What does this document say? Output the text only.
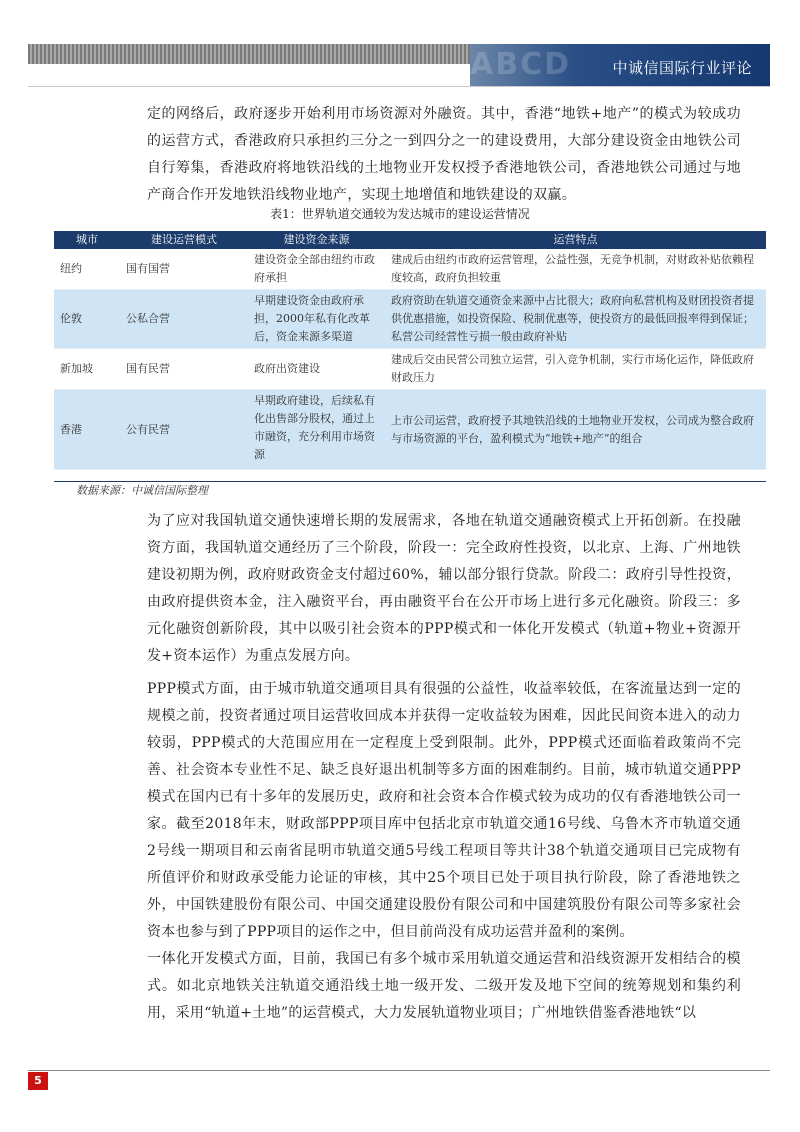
ABCD	中诚信国际行业评论

定的网络后，政府逐步开始利用市场资源对外融资。其中，香港“地铁+地产”的模式为较成功的运营方式，香港政府只承担约三分之一到四分之一的建设费用，大部分建设资金由地铁公司自行筹集，香港政府将地铁沿线的土地物业开发权授予香港地铁公司，香港地铁公司通过与地产商合作开发地铁沿线物业地产，实现土地增值和地铁建设的双赢。

表1：世界轨道交通较为发达城市的建设运营情况
城市	建设运营模式	建设资金来源	运营特点
纽约	国有国营	建设资金全部由纽约市政府承担	建成后由纽约市政府运营管理，公益性强，无竞争机制，对财政补贴依赖程度较高，政府负担较重
伦敦	公私合营	早期建设资金由政府承担，2000年私有化改革后，资金来源多渠道	政府资助在轨道交通资金来源中占比很大；政府向私营机构及财团投资者提供优惠措施，如投资保险、税制优惠等，使投资方的最低回报率得到保证；私营公司经营性亏损一般由政府补贴
新加坡	国有民营	政府出资建设	建成后交由民营公司独立运营，引入竞争机制，实行市场化运作，降低政府财政压力
香港	公有民营	早期政府建设，后续私有化出售部分股权，通过上市融资，充分利用市场资源	上市公司运营，政府授予其地铁沿线的土地物业开发权，公司成为整合政府与市场资源的平台，盈利模式为“地铁+地产”的组合
数据来源：中诚信国际整理

为了应对我国轨道交通快速增长期的发展需求，各地在轨道交通融资模式上开拓创新。在投融资方面，我国轨道交通经历了三个阶段，阶段一：完全政府性投资，以北京、上海、广州地铁建设初期为例，政府财政资金支付超过60%，辅以部分银行贷款。阶段二：政府引导性投资，由政府提供资本金，注入融资平台，再由融资平台在公开市场上进行多元化融资。阶段三：多元化融资创新阶段，其中以吸引社会资本的PPP模式和一体化开发模式（轨道+物业+资源开发+资本运作）为重点发展方向。

PPP模式方面，由于城市轨道交通项目具有很强的公益性，收益率较低，在客流量达到一定的规模之前，投资者通过项目运营收回成本并获得一定收益较为困难，因此民间资本进入的动力较弱，PPP模式的大范围应用在一定程度上受到限制。此外，PPP模式还面临着政策尚不完善、社会资本专业性不足、缺乏良好退出机制等多方面的困难制约。目前，城市轨道交通PPP模式在国内已有十多年的发展历史，政府和社会资本合作模式较为成功的仅有香港地铁公司一家。截至2018年末，财政部PPP项目库中包括北京市轨道交通16号线、乌鲁木齐市轨道交通2号线一期项目和云南省昆明市轨道交通5号线工程项目等共计38个轨道交通项目已完成物有所值评价和财政承受能力论证的审核，其中25个项目已处于项目执行阶段，除了香港地铁之外，中国铁建股份有限公司、中国交通建设股份有限公司和中国建筑股份有限公司等多家社会资本也参与到了PPP项目的运作之中，但目前尚没有成功运营并盈利的案例。

一体化开发模式方面，目前，我国已有多个城市采用轨道交通运营和沿线资源开发相结合的模式。如北京地铁关注轨道交通沿线土地一级开发、二级开发及地下空间的统筹规划和集约利用，采用“轨道+土地”的运营模式，大力发展轨道物业项目；广州地铁借鉴香港地铁“以

5
